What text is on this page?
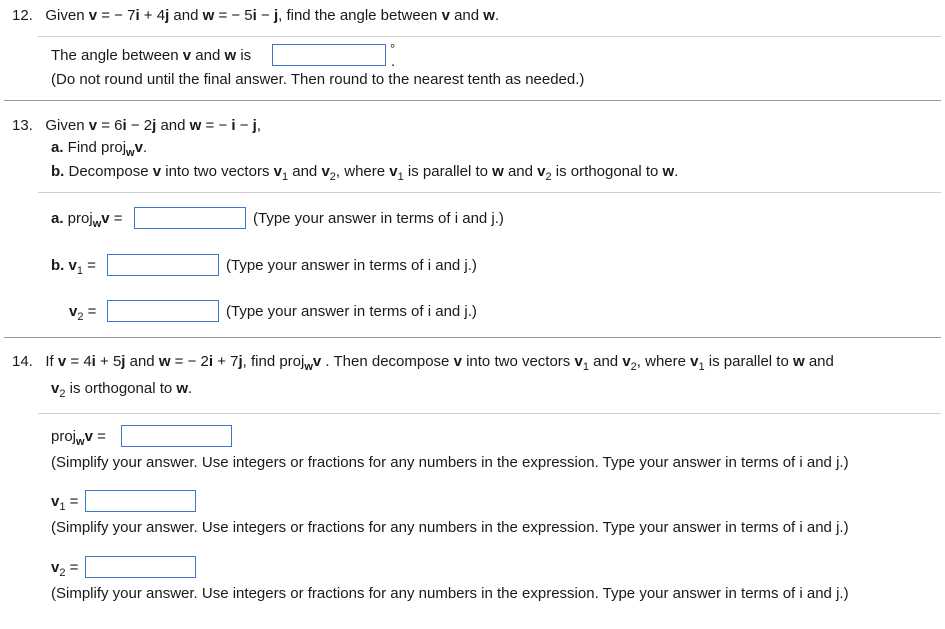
12. Given v = − 7i + 4j and w = − 5i − j, find the angle between v and w.
The angle between v and w is	°
.
(Do not round until the final answer. Then round to the nearest tenth as needed.)
13. Given v = 6i − 2j and w = − i − j,
a. Find proj$_w$v.
b. Decompose v into two vectors $v_1$ and $v_2$, where $v_1$ is parallel to w and $v_2$ is orthogonal to w.
a. proj$_w$v =	(Type your answer in terms of i and j.)
b. $v_1$ =	(Type your answer in terms of i and j.)
$v_2$ =	(Type your answer in terms of i and j.)
14. If v = 4i + 5j and w = − 2i + 7j, find proj$_w$v . Then decompose v into two vectors $v_1$ and $v_2$, where $v_1$ is parallel to w and
$v_2$ is orthogonal to w.
proj$_w$v =
(Simplify your answer. Use integers or fractions for any numbers in the expression. Type your answer in terms of i and j.)
$v_1$ =
(Simplify your answer. Use integers or fractions for any numbers in the expression. Type your answer in terms of i and j.)
$v_2$ =
(Simplify your answer. Use integers or fractions for any numbers in the expression. Type your answer in terms of i and j.)
